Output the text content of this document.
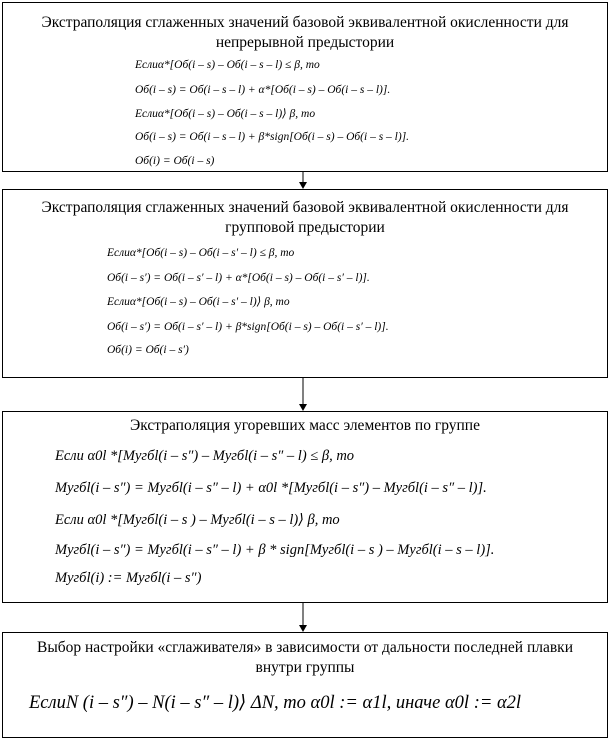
Экстраполяция сглаженных значений базовой эквивалентной окисленности для непрерывной предыстории
Еслиα*[Oб(i – s) – Oб(i – s – l) ≤ β, то
Oб(i – s) = Oб(i – s – l) + α*[Oб(i – s) – Oб(i – s – l)].
Еслиα*[Oб(i – s) – Oб(i – s – l)⟩ β, то
Oб(i – s) = Oб(i – s – l) + β*sign[Oб(i – s) – Oб(i – s – l)].
Oб(i) = Oб(i – s)
Экстраполяция сглаженных значений базовой эквивалентной окисленности для групповой предыстории
Еслиα*[Oб(i – s) – Oб(i – s′ – l) ≤ β, то
Oб(i – s′) = Oб(i – s′ – l) + α*[Oб(i – s) – Oб(i – s′ – l)].
Еслиα*[Oб(i – s) – Oб(i – s′ – l)⟩ β, то
Oб(i – s′) = Oб(i – s′ – l) + β*sign[Oб(i – s) – Oб(i – s′ – l)].
Oб(i) = Oб(i – s′)
Экстраполяция угоревших масс элементов по группе
Если α0l *[Mугбl(i – s″) – Mугбl(i – s″ – l) ≤ β, то
Mугбl(i – s″) = Mугбl(i – s″ – l) + α0l *[Mугбl(i – s″) – Mугбl(i – s″ – l)].
Если α0l *[Mугбl(i – s ) – Mугбl(i – s – l)⟩ β, то
Mугбl(i – s″) = Mугбl(i – s″ – l) + β * sign[Mугбl(i – s ) – Mугбl(i – s – l)].
Mугбl(i) := Mугбl(i – s″)
Выбор настройки «сглаживателя» в зависимости от дальности последней плавки внутри группы
ЕслиN (i – s″) – N(i – s″ – l)⟩ ΔN, то α0l := α1l, иначе α0l := α2l
